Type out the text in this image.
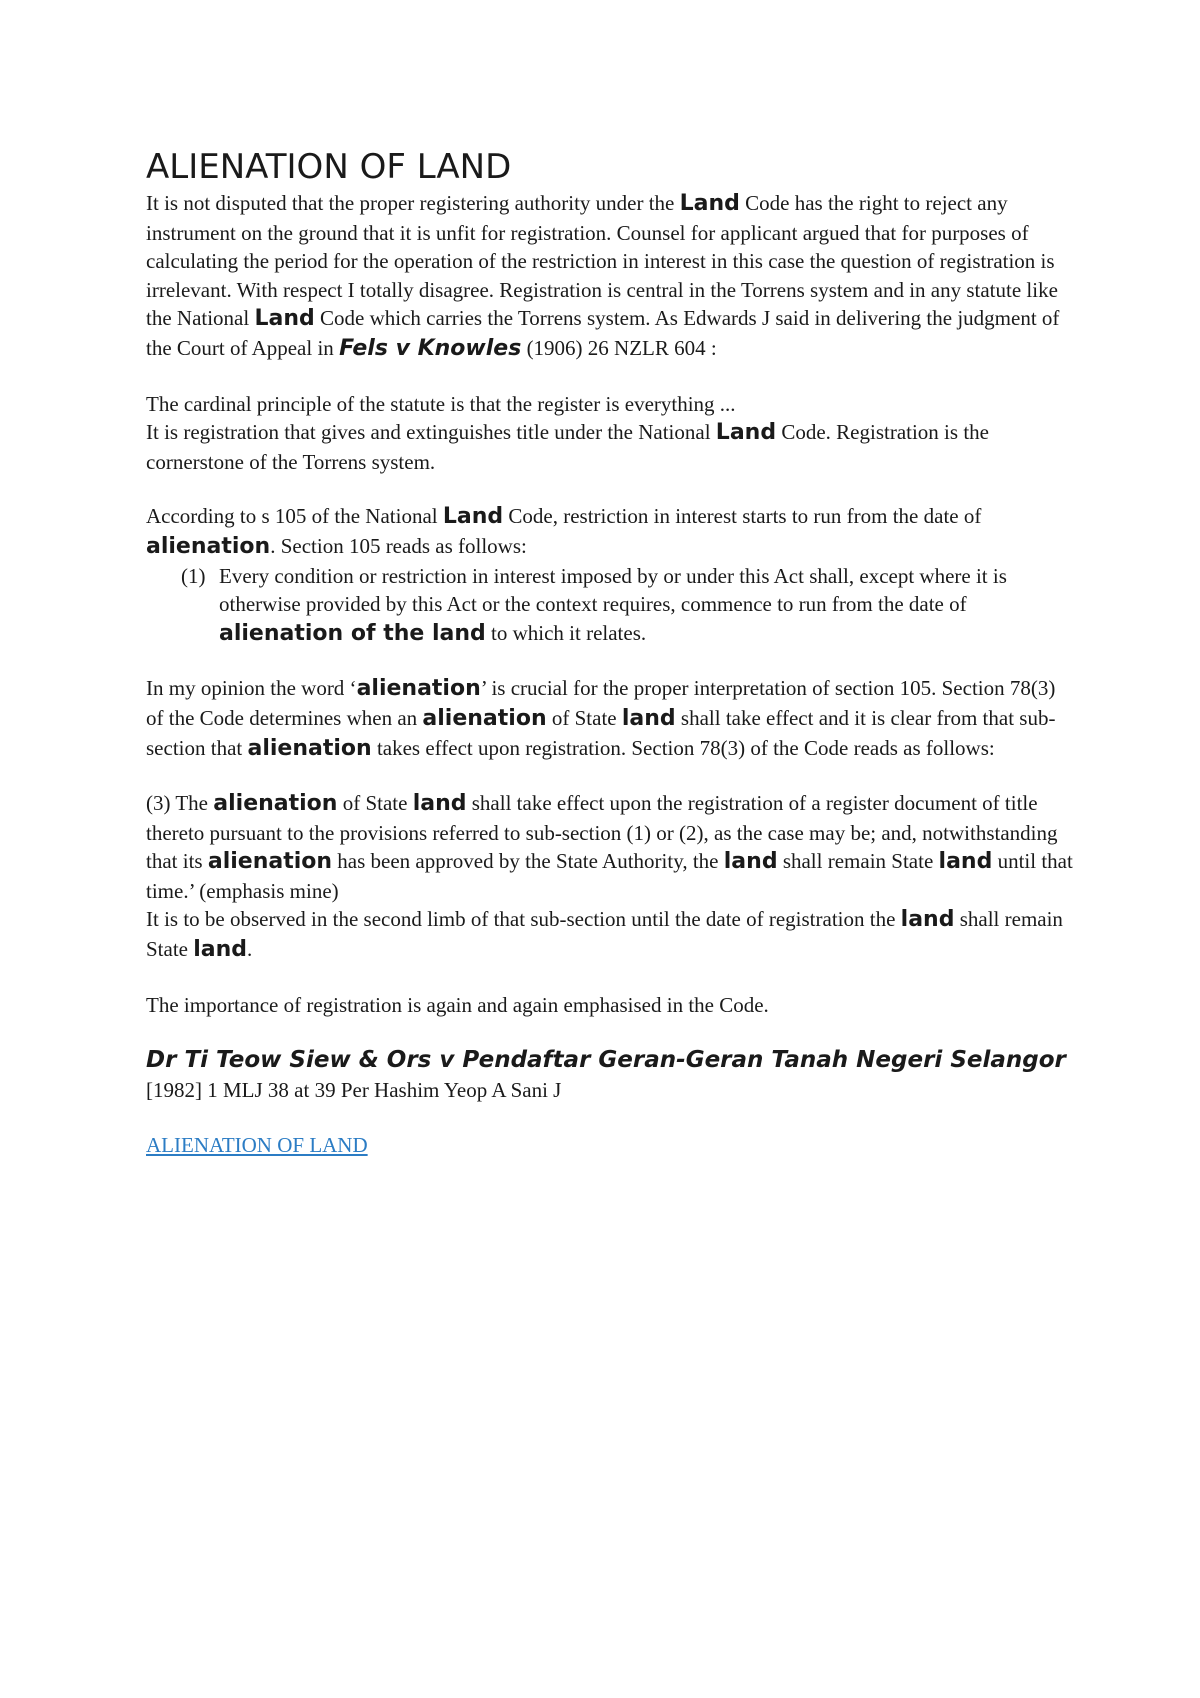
ALIENATION OF LAND

It is not disputed that the proper registering authority under the Land Code has the right to reject any instrument on the ground that it is unfit for registration. Counsel for applicant argued that for purposes of calculating the period for the operation of the restriction in interest in this case the question of registration is irrelevant. With respect I totally disagree. Registration is central in the Torrens system and in any statute like the National Land Code which carries the Torrens system. As Edwards J said in delivering the judgment of the Court of Appeal in Fels v Knowles (1906) 26 NZLR 604 :

The cardinal principle of the statute is that the register is everything ...

It is registration that gives and extinguishes title under the National Land Code. Registration is the cornerstone of the Torrens system.

According to s 105 of the National Land Code, restriction in interest starts to run from the date of alienation. Section 105 reads as follows:

(1) Every condition or restriction in interest imposed by or under this Act shall, except where it is otherwise provided by this Act or the context requires, commence to run from the date of alienation of the land to which it relates.

In my opinion the word ‘alienation’ is crucial for the proper interpretation of section 105. Section 78(3) of the Code determines when an alienation of State land shall take effect and it is clear from that sub-section that alienation takes effect upon registration. Section 78(3) of the Code reads as follows:

(3) The alienation of State land shall take effect upon the registration of a register document of title thereto pursuant to the provisions referred to sub-section (1) or (2), as the case may be; and, notwithstanding that its alienation has been approved by the State Authority, the land shall remain State land until that time.’ (emphasis mine)

It is to be observed in the second limb of that sub-section until the date of registration the land shall remain State land.

The importance of registration is again and again emphasised in the Code.

Dr Ti Teow Siew & Ors v Pendaftar Geran-Geran Tanah Negeri Selangor [1982] 1 MLJ 38 at 39 Per Hashim Yeop A Sani J

ALIENATION OF LAND
